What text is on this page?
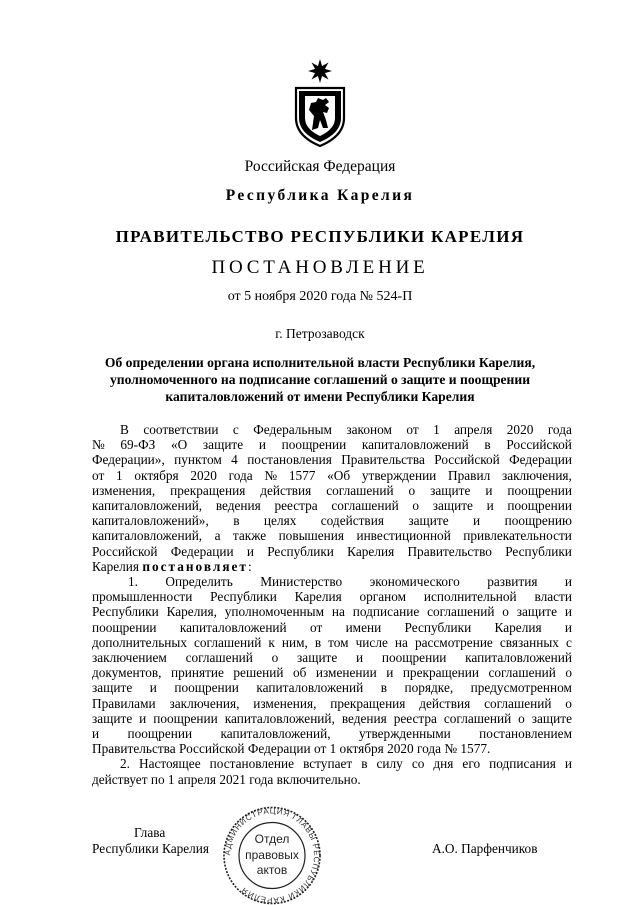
Российская Федерация
Республика Карелия
ПРАВИТЕЛЬСТВО РЕСПУБЛИКИ КАРЕЛИЯ
ПОСТАНОВЛЕНИЕ
от 5 ноября 2020 года № 524-П
г. Петрозаводск
Об определении органа исполнительной власти Республики Карелия,
уполномоченного на подписание соглашений о защите и поощрении
капиталовложений от имени Республики Карелия
В соответствии с Федеральным законом от 1 апреля 2020 года
№ 69-ФЗ «О защите и поощрении капиталовложений в Российской
Федерации», пунктом 4 постановления Правительства Российской Федерации
от 1 октября 2020 года № 1577 «Об утверждении Правил заключения,
изменения, прекращения действия соглашений о защите и поощрении
капиталовложений, ведения реестра соглашений о защите и поощрении
капиталовложений», в целях содействия защите и поощрению
капиталовложений, а также повышения инвестиционной привлекательности
Российской Федерации и Республики Карелия Правительство Республики
Карелия постановляет:
1. Определить Министерство экономического развития и
промышленности Республики Карелия органом исполнительной власти
Республики Карелия, уполномоченным на подписание соглашений о защите и
поощрении капиталовложений от имени Республики Карелия и
дополнительных соглашений к ним, в том числе на рассмотрение связанных с
заключением соглашений о защите и поощрении капиталовложений
документов, принятие решений об изменении и прекращении соглашений о
защите и поощрении капиталовложений в порядке, предусмотренном
Правилами заключения, изменения, прекращения действия соглашений о
защите и поощрении капиталовложений, ведения реестра соглашений о защите
и поощрении капиталовложений, утвержденными постановлением
Правительства Российской Федерации от 1 октября 2020 года № 1577.
2. Настоящее постановление вступает в силу со дня его подписания и
действует по 1 апреля 2021 года включительно.
Глава
Республики Карелия	А.О. Парфенчиков
АДМИНИСТРАЦИЯ ГЛАВЫ РЕСПУБЛИКИ КАРЕЛИЯ
Отдел
правовых
актов
